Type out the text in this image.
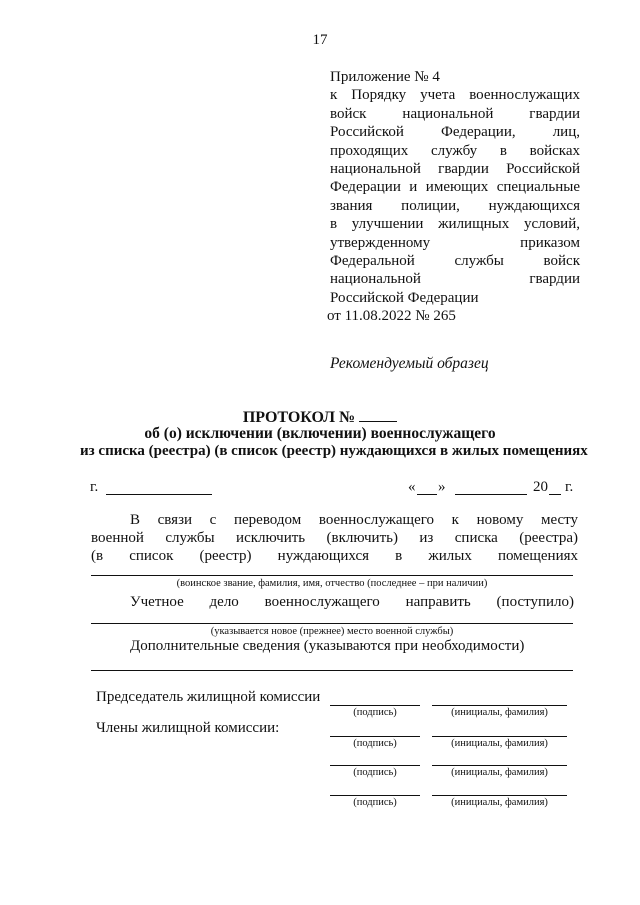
17
Приложение № 4
к Порядку учета военнослужащих
войск национальной гвардии
Российской Федерации, лиц,
проходящих службу в войсках
национальной гвардии Российской
Федерации и имеющих специальные
звания полиции, нуждающихся
в улучшении жилищных условий,
утвержденному приказом
Федеральной службы войск
национальной гвардии
Российской Федерации
от 11.08.2022 № 265
Рекомендуемый образец
ПРОТОКОЛ №
об (о) исключении (включении) военнослужащего
из списка (реестра) (в список (реестр) нуждающихся в жилых помещениях
г.	« »	20 г.
В связи с переводом военнослужащего к новому месту
военной службы исключить (включить) из списка (реестра)
(в список (реестр) нуждающихся в жилых помещениях
(воинское звание, фамилия, имя, отчество (последнее – при наличии)
Учетное дело военнослужащего направить (поступило)
(указывается новое (прежнее) место военной службы)
Дополнительные сведения (указываются при необходимости)
Председатель жилищной комиссии
(подпись)	(инициалы, фамилия)
Члены жилищной комиссии:
(подпись)	(инициалы, фамилия)
(подпись)	(инициалы, фамилия)
(подпись)	(инициалы, фамилия)
